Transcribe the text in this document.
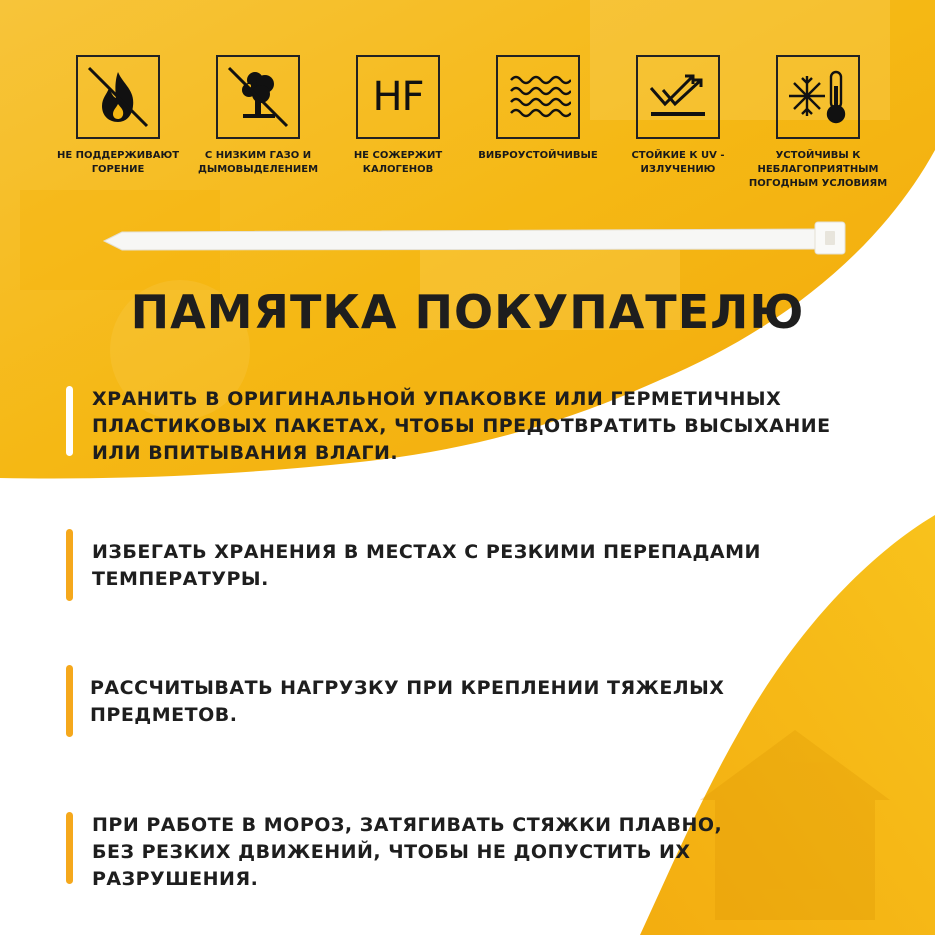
НЕ ПОДДЕРЖИВАЮТ ГОРЕНИЕ
С НИЗКИМ ГАЗО И ДЫМОВЫДЕЛЕНИЕМ
HF
НЕ СОЖЕРЖИТ КАЛОГЕНОВ
ВИБРОУСТОЙЧИВЫЕ	СТОЙКИЕ К UV - ИЗЛУЧЕНИЮ
УСТОЙЧИВЫ К НЕБЛАГОПРИЯТНЫМ ПОГОДНЫМ УСЛОВИЯМ
ПАМЯТКА ПОКУПАТЕЛЮ
ХРАНИТЬ В ОРИГИНАЛЬНОЙ УПАКОВКЕ ИЛИ ГЕРМЕТИЧНЫХ
ПЛАСТИКОВЫХ ПАКЕТАХ, ЧТОБЫ ПРЕДОТВРАТИТЬ ВЫСЫХАНИЕ
ИЛИ ВПИТЫВАНИЯ ВЛАГИ.
ИЗБЕГАТЬ ХРАНЕНИЯ В МЕСТАХ С РЕЗКИМИ ПЕРЕПАДАМИ
ТЕМПЕРАТУРЫ.
РАССЧИТЫВАТЬ НАГРУЗКУ ПРИ КРЕПЛЕНИИ ТЯЖЕЛЫХ
ПРЕДМЕТОВ.
ПРИ РАБОТЕ В МОРОЗ, ЗАТЯГИВАТЬ СТЯЖКИ ПЛАВНО,
БЕЗ РЕЗКИХ ДВИЖЕНИЙ, ЧТОБЫ НЕ ДОПУСТИТЬ ИХ
РАЗРУШЕНИЯ.
